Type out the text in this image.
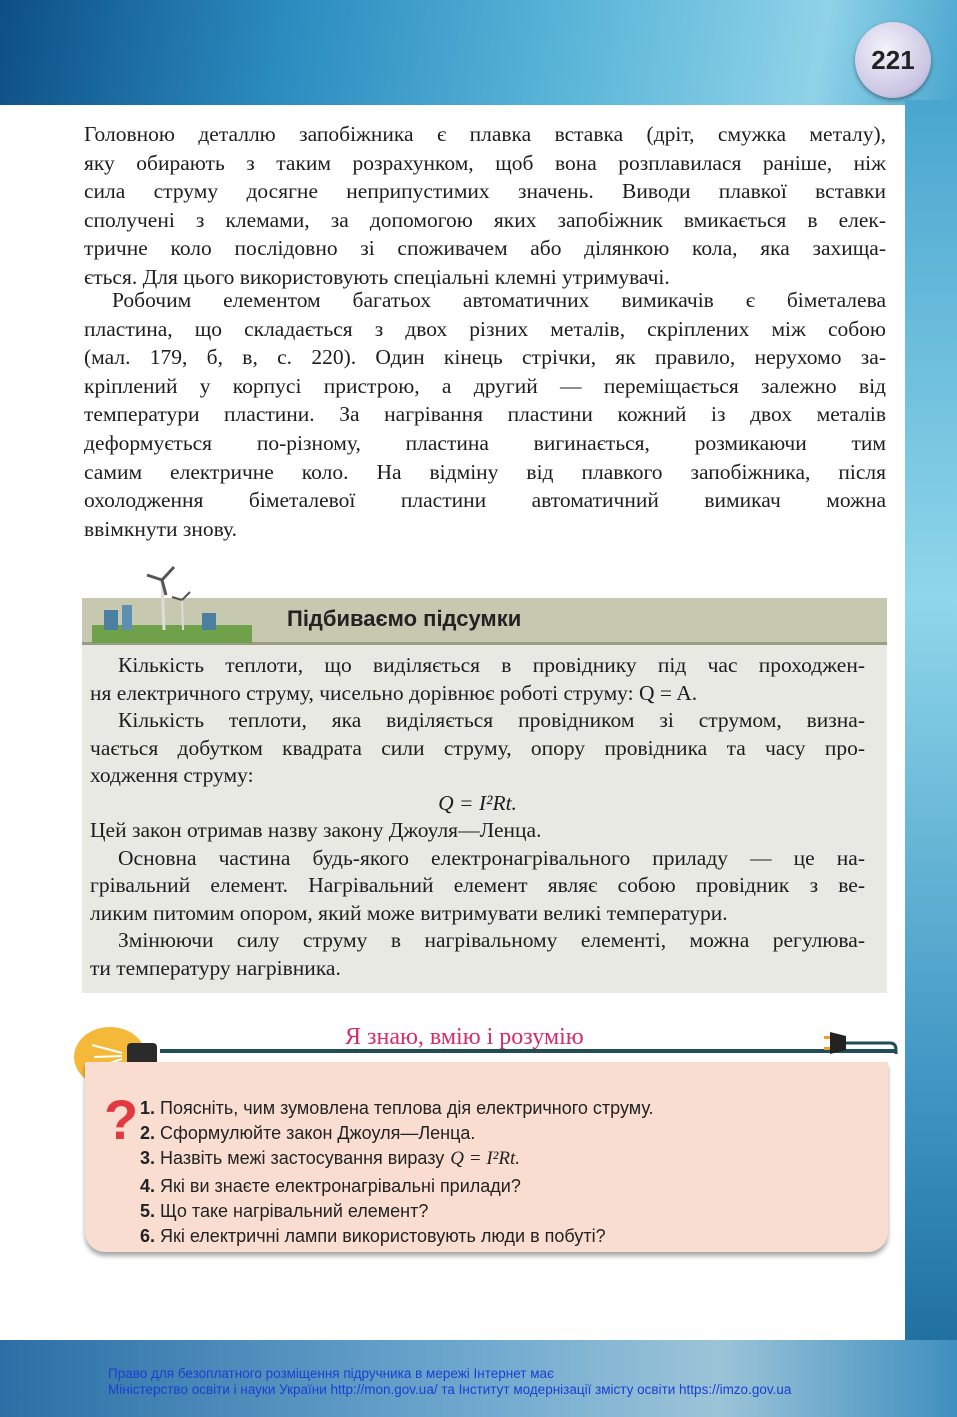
221
Головною деталлю запобіжника є плавка вставка (дріт, смужка металу),
яку обирають з таким розрахунком, щоб вона розплавилася раніше, ніж
сила струму досягне неприпустимих значень. Виводи плавкої вставки
сполучені з клемами, за допомогою яких запобіжник вмикається в елек-
тричне коло послідовно зі споживачем або ділянкою кола, яка захища-
ється. Для цього використовують спеціальні клемні утримувачі.
Робочим елементом багатьох автоматичних вимикачів є біметалева
пластина, що складається з двох різних металів, скріплених між собою
(мал. 179, б, в, с. 220). Один кінець стрічки, як правило, нерухомо за-
кріплений у корпусі пристрою, а другий — переміщається залежно від
температури пластини. За нагрівання пластини кожний із двох металів
деформується по-різному, пластина вигинається, розмикаючи тим
самим електричне коло. На відміну від плавкого запобіжника, після
охолодження біметалевої пластини автоматичний вимикач можна
ввімкнути знову.
Підбиваємо підсумки
Кількість теплоти, що виділяється в провіднику під час проходжен-
ня електричного струму, чисельно дорівнює роботі струму: Q = A.
Кількість теплоти, яка виділяється провідником зі струмом, визна-
чається добутком квадрата сили струму, опору провідника та часу про-
ходження струму:
Q = I²Rt.
Цей закон отримав назву закону Джоуля—Ленца.
Основна частина будь-якого електронагрівального приладу — це на-
грівальний елемент. Нагрівальний елемент являє собою провідник з ве-
ликим питомим опором, який може витримувати великі температури.
Змінюючи силу струму в нагрівальному елементі, можна регулюва-
ти температуру нагрівника.
Я знаю, вмію і розумію
? 1. Поясніть, чим зумовлена теплова дія електричного струму.
2. Сформулюйте закон Джоуля—Ленца.
3. Назвіть межі застосування виразу Q = I²Rt.
4. Які ви знаєте електронагрівальні прилади?
5. Що таке нагрівальний елемент?
6. Які електричні лампи використовують люди в побуті?
Право для безоплатного розміщення підручника в мережі Інтернет має
Міністерство освіти і науки України http://mon.gov.ua/ та Інститут модернізації змісту освіти https://imzo.gov.ua
